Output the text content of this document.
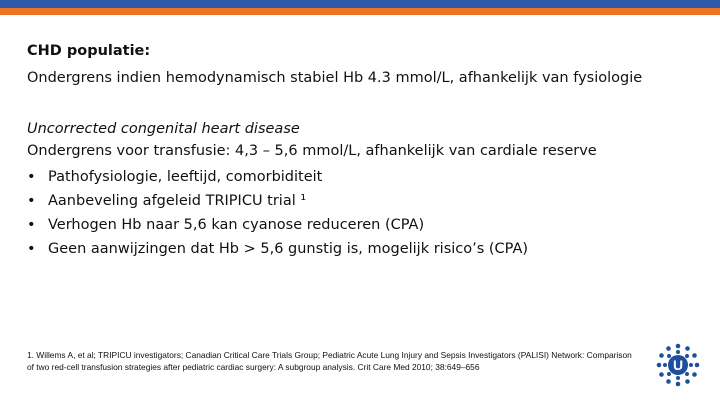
CHD populatie:
Ondergrens indien hemodynamisch stabiel Hb 4.3 mmol/L, afhankelijk van fysiologie
Uncorrected congenital heart disease
Ondergrens voor transfusie: 4,3 – 5,6 mmol/L, afhankelijk van cardiale reserve
• Pathofysiologie, leeftijd, comorbiditeit
• Aanbeveling afgeleid TRIPICU trial ¹
• Verhogen Hb naar 5,6 kan cyanose reduceren (CPA)
• Geen aanwijzingen dat Hb > 5,6 gunstig is, mogelijk risico’s (CPA)
1. Willems A, et al; TRIPICU investigators; Canadian Critical Care Trials Group; Pediatric Acute Lung Injury and Sepsis Investigators (PALISI) Network: Comparison of two red-cell transfusion strategies after pediatric cardiac surgery: A subgroup analysis. Crit Care Med 2010; 38:649–656	U
